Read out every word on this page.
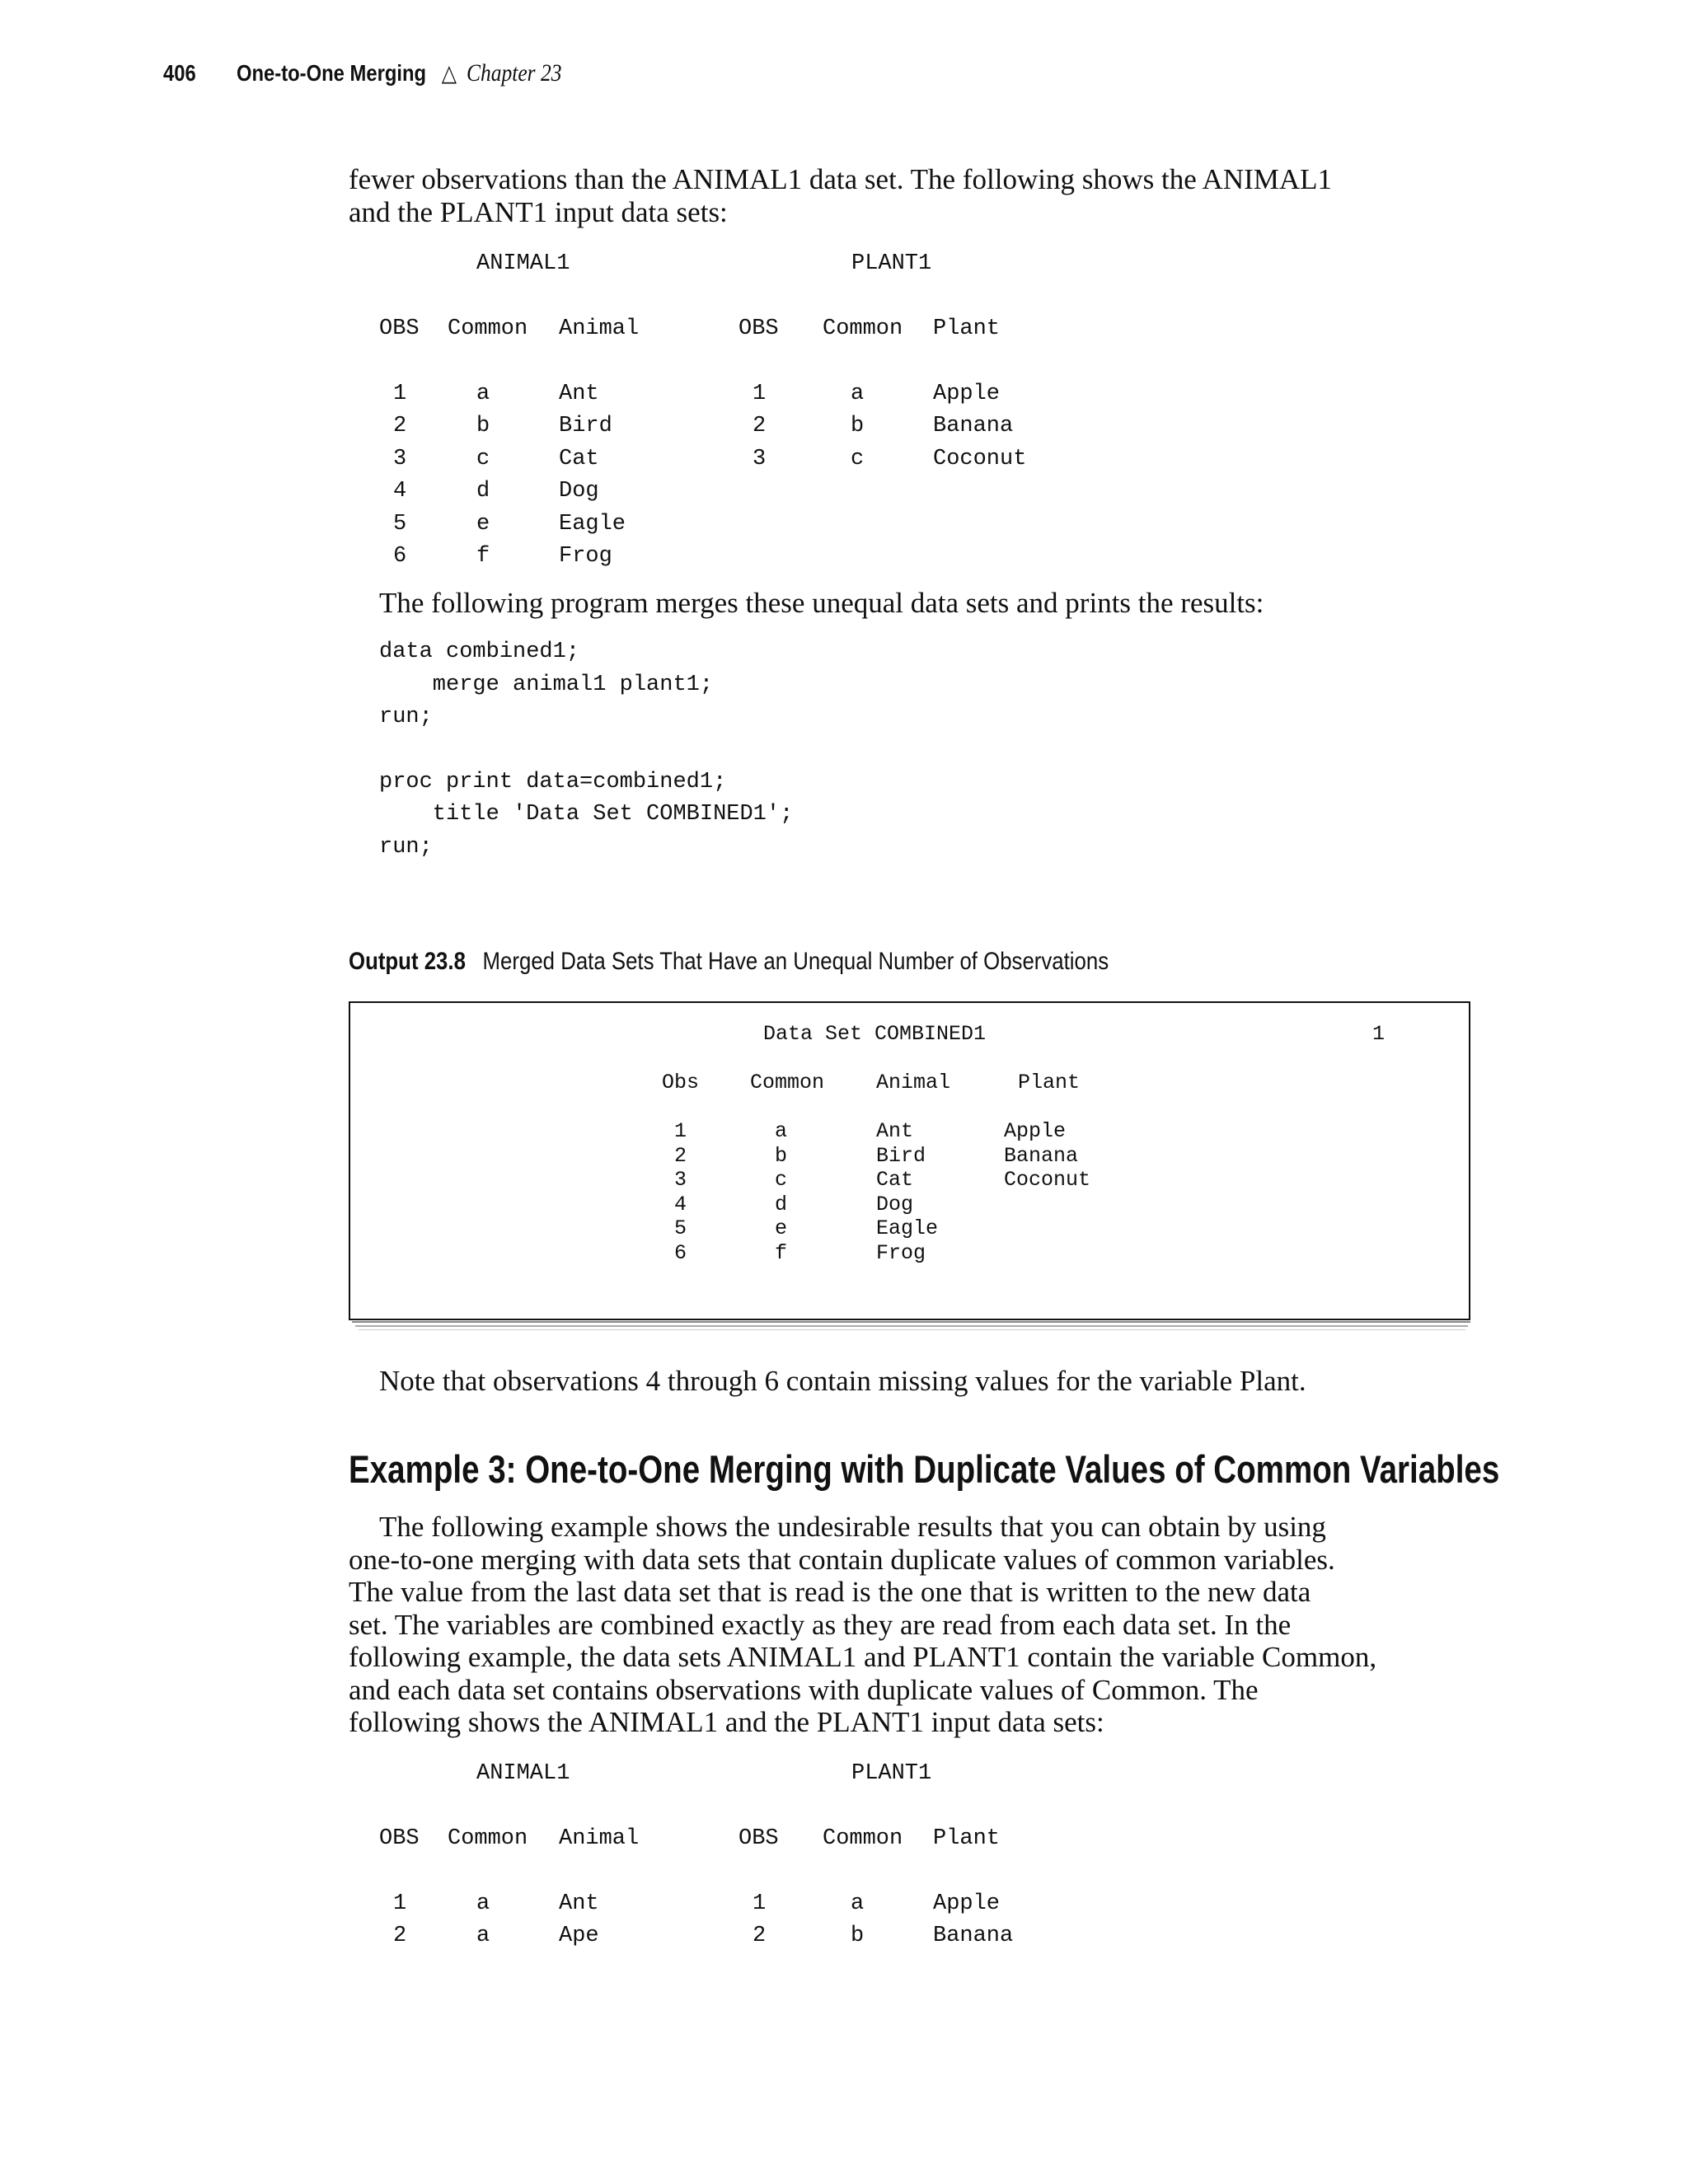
406 One-to-One Merging △ Chapter 23
fewer observations than the ANIMAL1 data set. The following shows the ANIMAL1
and the PLANT1 input data sets:
ANIMAL1	PLANT1
OBS Common Animal	OBS Common Plant
1	a	Ant
2	b	Bird
3	c	Cat
4	d	Dog
5	e	Eagle
6	f	Frog
1	a	Apple
2	b	Banana
3	c	Coconut
The following program merges these unequal data sets and prints the results:
data combined1;
merge animal1 plant1;
run;
proc print data=combined1;
title 'Data Set COMBINED1';
run;
Output 23.8 Merged Data Sets That Have an Unequal Number of Observations
Data Set COMBINED1	1
Obs Common	Animal	Plant
1	a	Ant	Apple
2	b	Bird	Banana
3	c	Cat	Coconut
4	d	Dog
5	e	Eagle
6	f	Frog
Note that observations 4 through 6 contain missing values for the variable Plant.
Example 3: One-to-One Merging with Duplicate Values of Common Variables
The following example shows the undesirable results that you can obtain by using
one-to-one merging with data sets that contain duplicate values of common variables.
The value from the last data set that is read is the one that is written to the new data
set. The variables are combined exactly as they are read from each data set. In the
following example, the data sets ANIMAL1 and PLANT1 contain the variable Common,
and each data set contains observations with duplicate values of Common. The
following shows the ANIMAL1 and the PLANT1 input data sets:
ANIMAL1	PLANT1
OBS Common Animal	OBS Common Plant
1	a	Ant
2	a	Ape
1	a	Apple
2	b	Banana
